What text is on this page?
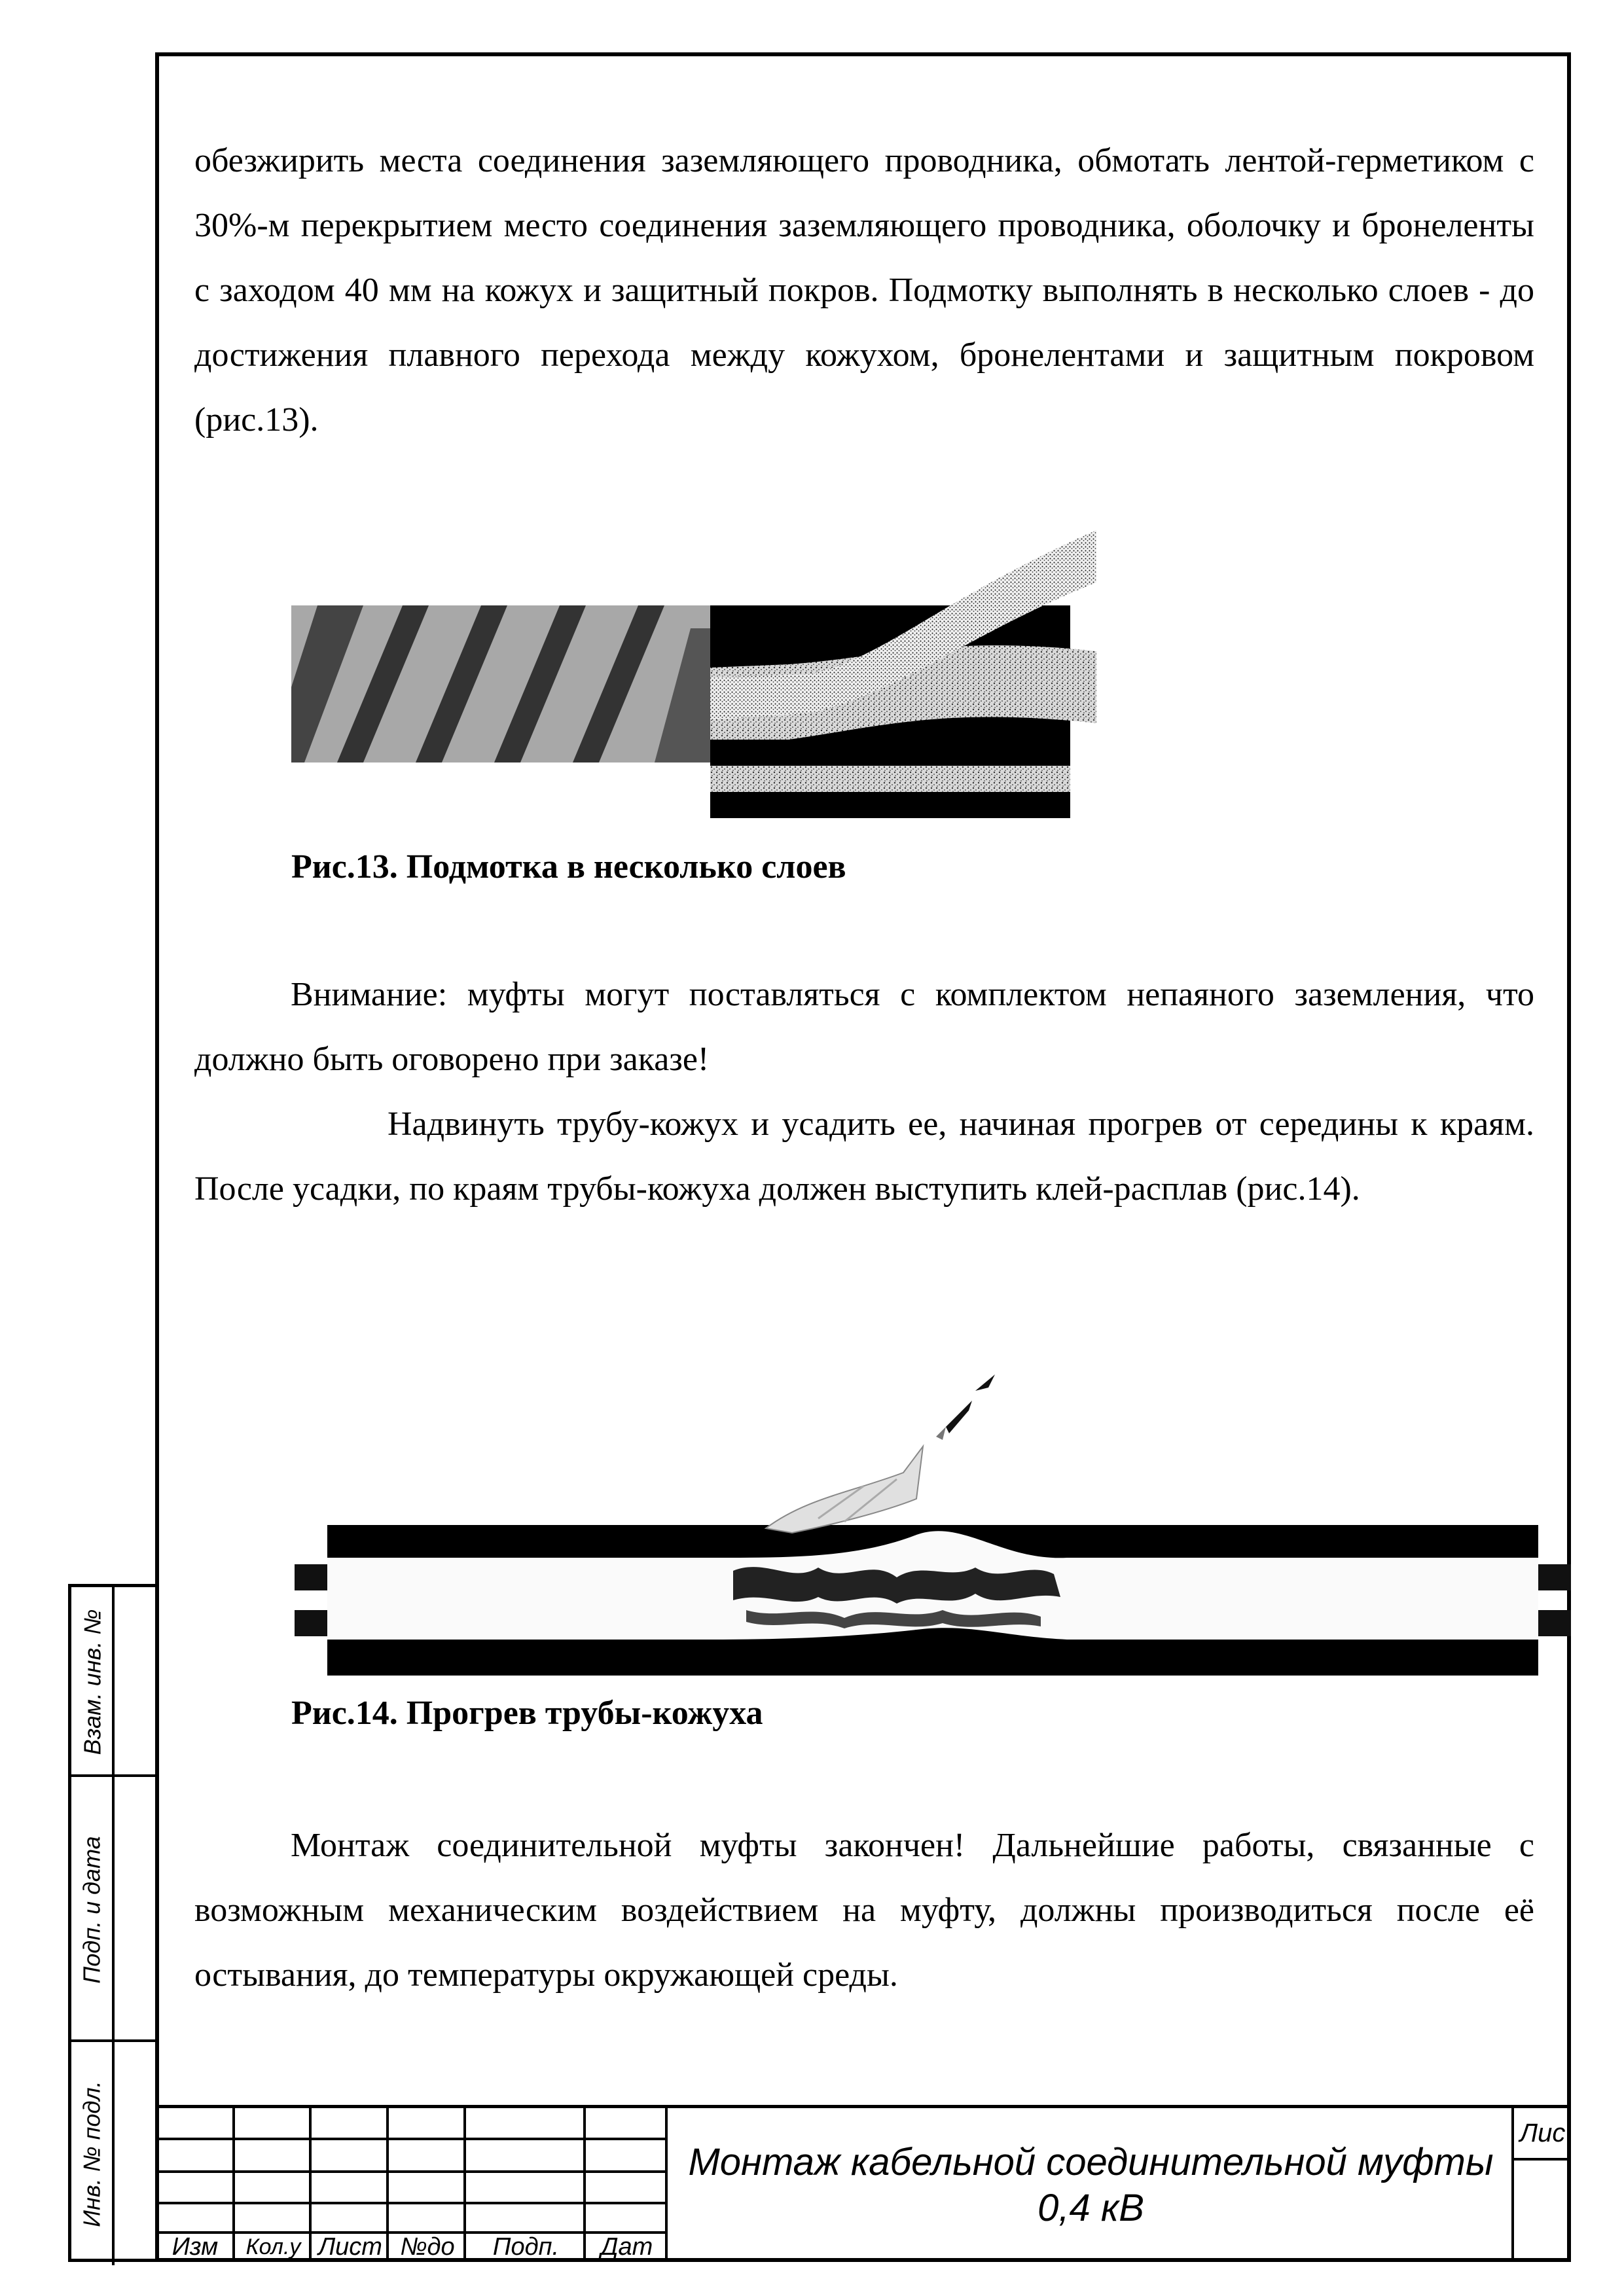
Взам. инв. №
Подп. и дата
Инв. № подл.

обезжирить места соединения заземляющего проводника, обмотать лентой-герметиком с 30%-м перекрытием место соединения заземляющего проводника, оболочку и бронеленты с заходом 40 мм на кожух и защитный покров. Подмотку выполнять в несколько слоев - до достижения плавного перехода между кожухом, бронелентами и защитным покровом (рис.13).

Рис.13. Подмотка в несколько слоев

Внимание: муфты могут поставляться с комплектом непаяного заземления, что должно быть оговорено при заказе!

Надвинуть трубу-кожух и усадить ее, начиная прогрев от середины к краям. После усадки, по краям трубы-кожуха должен выступить клей-расплав (рис.14).

Рис.14. Прогрев трубы-кожуха

Монтаж соединительной муфты закончен! Дальнейшие работы, связанные с возможным механическим воздействием на муфту, должны производиться после её остывания, до температуры окружающей среды.

Изм	Кол.у Лист №до	Подп.	Дат
Монтаж кабельной соединительной муфты
0,4 кВ
Лис
